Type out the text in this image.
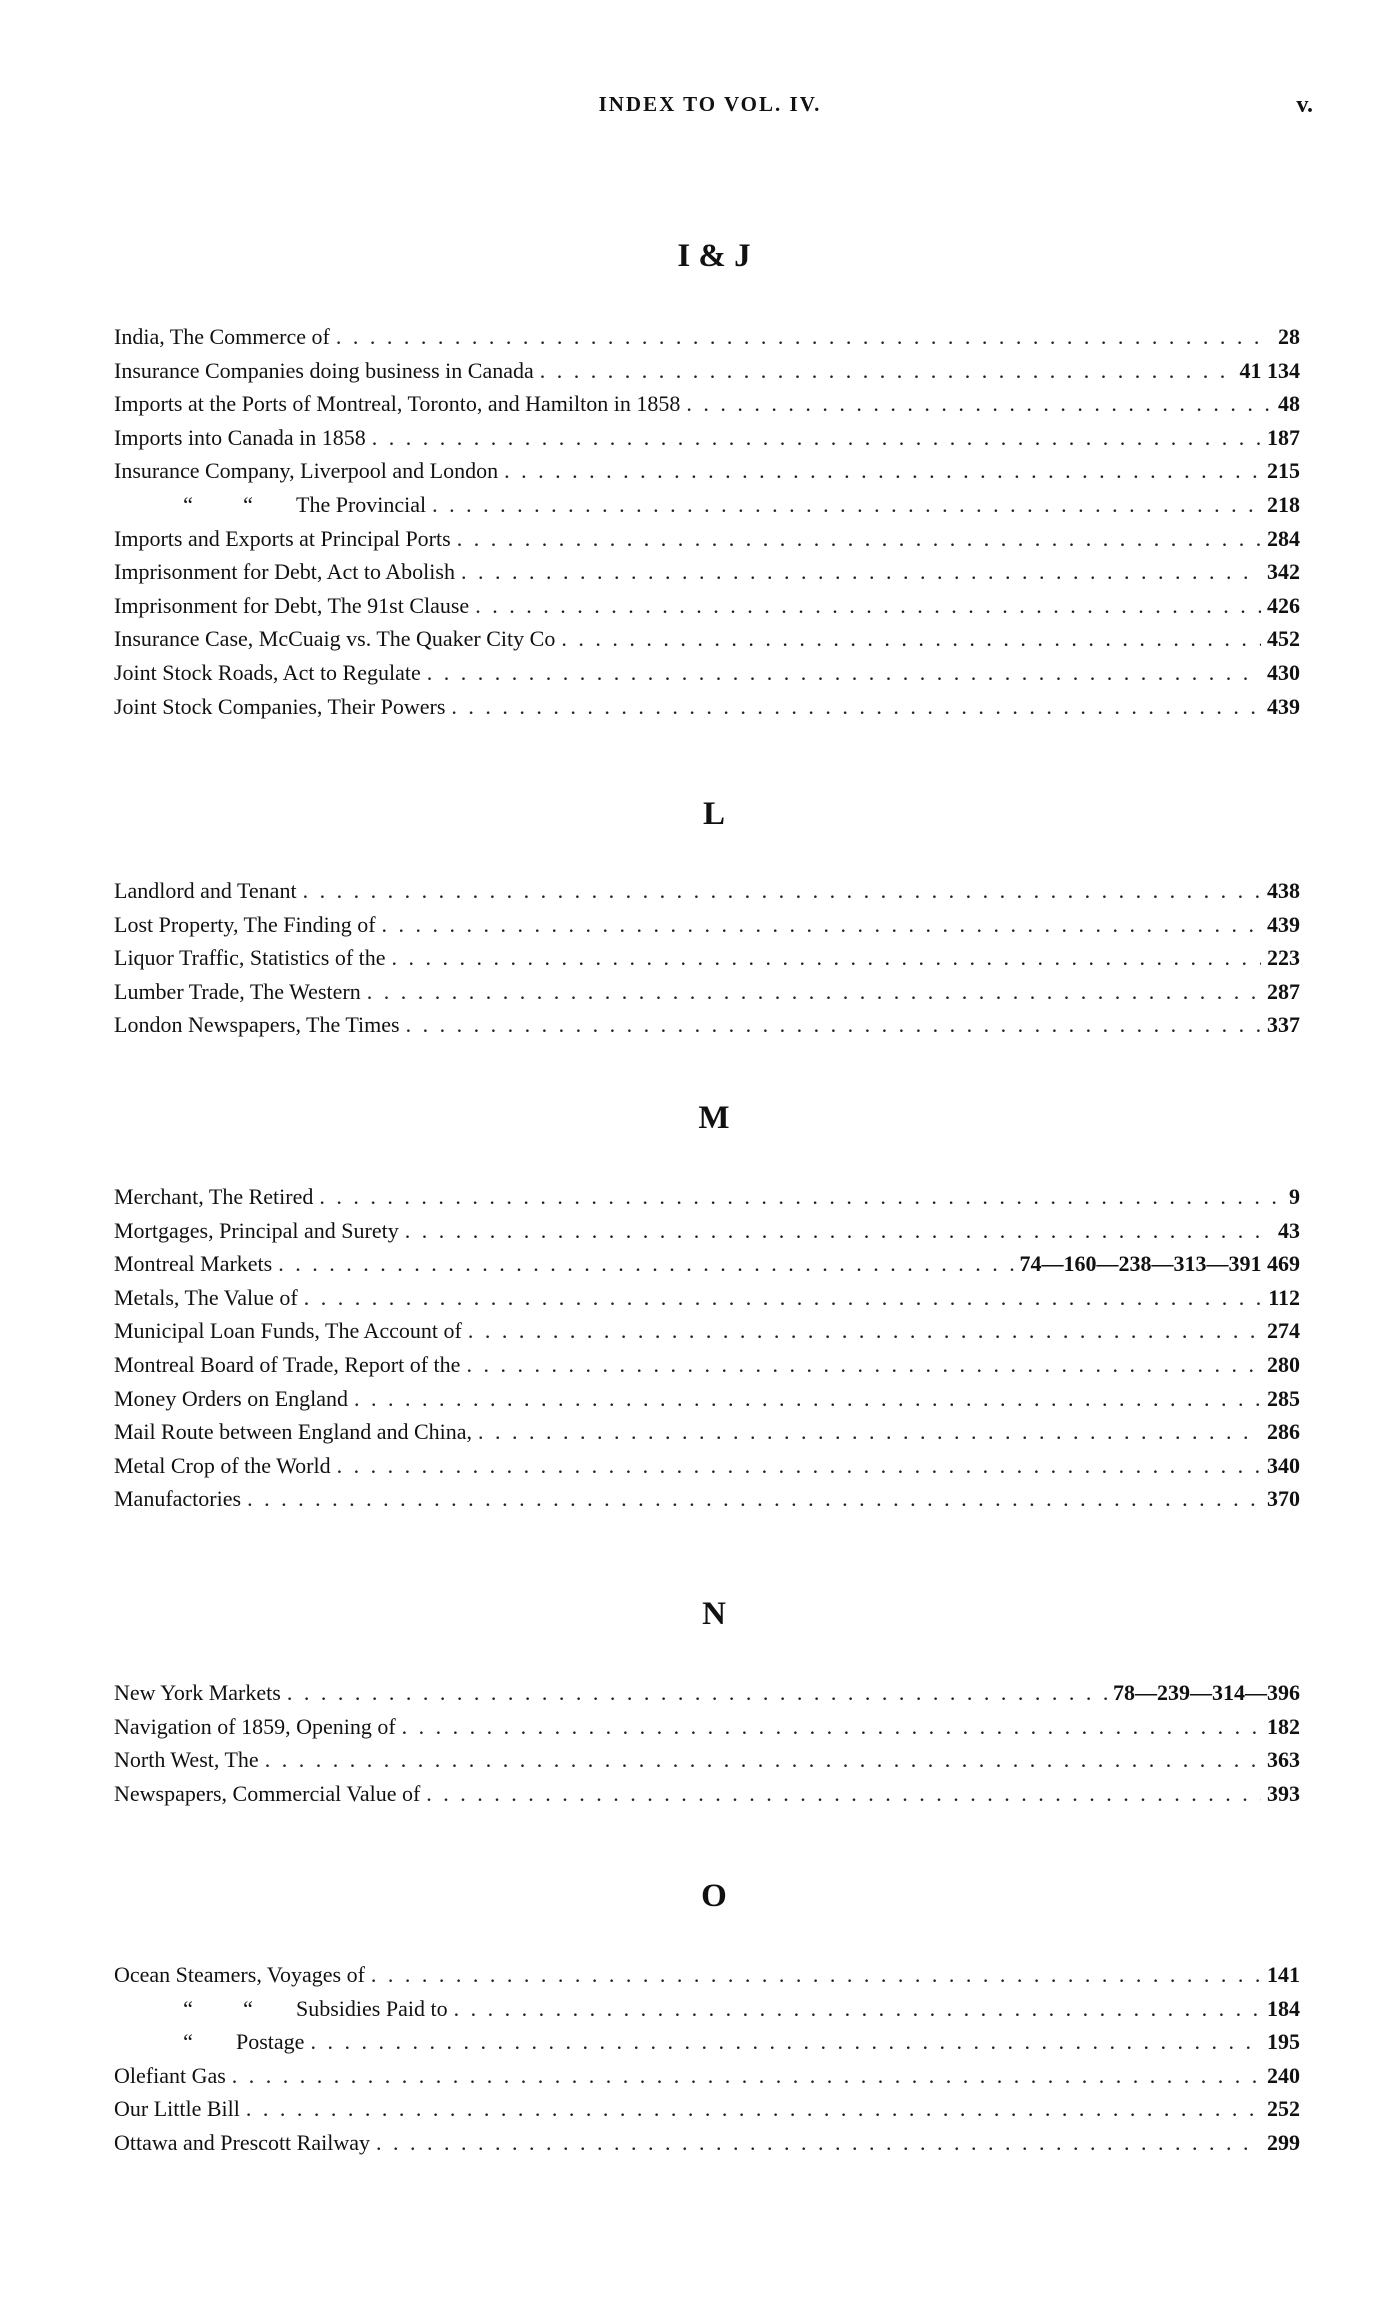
INDEX TO VOL. IV.	v.
I & J
India, The Commerce of . . .	28
Insurance Companies doing business in Canada . . .	41 134
Imports at the Ports of Montreal, Toronto, and Hamilton in 1858 . . .	48
Imports into Canada in 1858 . . .	187
Insurance Company, Liverpool and London . . .	215
“ “ The Provincial . . .	218
Imports and Exports at Principal Ports . . .	284
Imprisonment for Debt, Act to Abolish . . .	342
Imprisonment for Debt, The 91st Clause . . .	426
Insurance Case, McCuaig vs. The Quaker City Co . . .	452
Joint Stock Roads, Act to Regulate . . .	430
Joint Stock Companies, Their Powers . . .	439
L
Landlord and Tenant . . .	438
Lost Property, The Finding of . . .	439
Liquor Traffic, Statistics of the . . .	223
Lumber Trade, The Western . . .	287
London Newspapers, The Times . . .	337
M
Merchant, The Retired . . .	9
Mortgages, Principal and Surety . . .	43
Montreal Markets . . .	74—160—238—313—391 469
Metals, The Value of . . .	112
Municipal Loan Funds, The Account of . . .	274
Montreal Board of Trade, Report of the . . .	280
Money Orders on England . . .	285
Mail Route between England and China, . . .	286
Metal Crop of the World . . .	340
Manufactories . . .	370
N
New York Markets . . .	78—239—314—396
Navigation of 1859, Opening of . . .	182
North West, The . . .	363
Newspapers, Commercial Value of . . .	393
O
Ocean Steamers, Voyages of . . .	141
“ “ Subsidies Paid to . . .	184
“ Postage . . .	195
Olefiant Gas . . .	240
Our Little Bill . . .	252
Ottawa and Prescott Railway . . .	299
